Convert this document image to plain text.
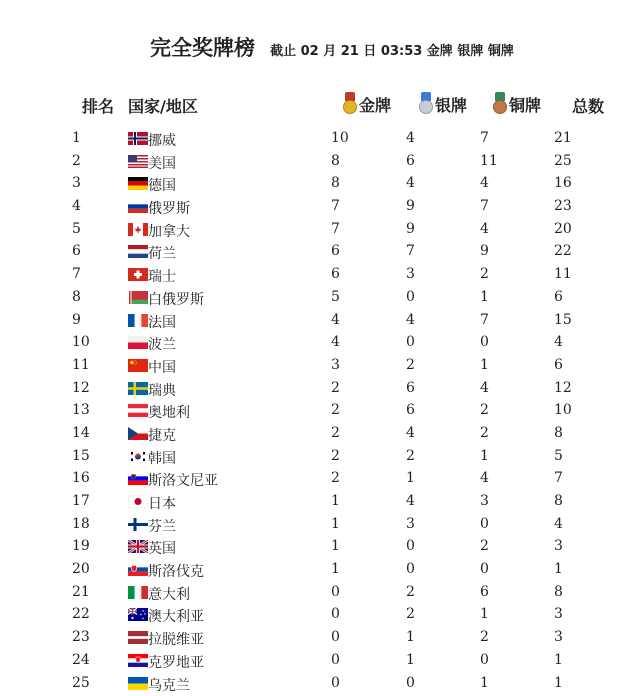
完全奖牌榜 截止 02 月 21 日 03:53 金牌 银牌 铜牌
排名 国家/地区	金牌	银牌	铜牌 总数
1	挪威	10	4	7	21
2	美国	8	6	11	25
3	德国	8	4	4	16
4	俄罗斯	7	9	7	23
5	加拿大	7	9	4	20
6	荷兰	6	7	9	22
7	瑞士	6	3	2	11
8	白俄罗斯	5	0	1	6
9	法国	4	4	7	15
10	波兰	4	0	0	4
11	中国	3	2	1	6
12	瑞典	2	6	4	12
13	奥地利	2	6	2	10
14	捷克	2	4	2	8
15	韩国	2	2	1	5
16	斯洛文尼亚	2	1	4	7
17	日本	1	4	3	8
18	芬兰	1	3	0	4
19	英国	1	0	2	3
20	斯洛伐克	1	0	0	1
21	意大利	0	2	6	8
22	澳大利亚	0	2	1	3
23	拉脱维亚	0	1	2	3
24	克罗地亚	0	1	0	1
25	乌克兰	0	0	1	1
